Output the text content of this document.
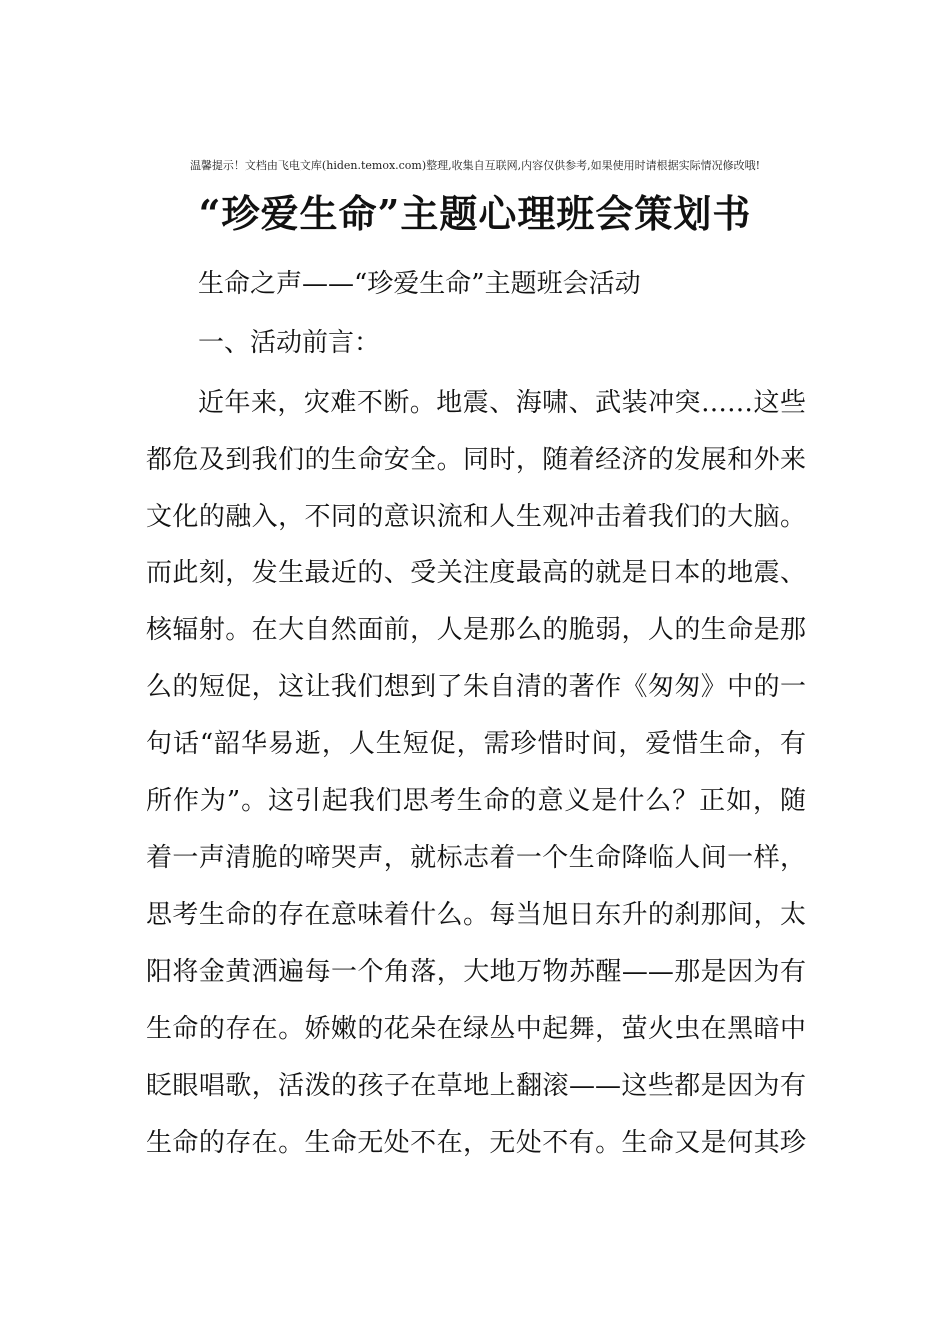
温馨提示！文档由飞电文库(hiden.temox.com)整理,收集自互联网,内容仅供参考,如果使用时请根据实际情况修改哦!
“珍爱生命”主题心理班会策划书
生命之声——“珍爱生命”主题班会活动
一、活动前言：
近年来，灾难不断。地震、海啸、武装冲突……这些
都危及到我们的生命安全。同时，随着经济的发展和外来
文化的融入，不同的意识流和人生观冲击着我们的大脑。
而此刻，发生最近的、受关注度最高的就是日本的地震、
核辐射。在大自然面前，人是那么的脆弱，人的生命是那
么的短促，这让我们想到了朱自清的著作《匆匆》中的一
句话“韶华易逝，人生短促，需珍惜时间，爱惜生命，有
所作为”。这引起我们思考生命的意义是什么？正如，随
着一声清脆的啼哭声，就标志着一个生命降临人间一样，
思考生命的存在意味着什么。每当旭日东升的刹那间，太
阳将金黄洒遍每一个角落，大地万物苏醒——那是因为有
生命的存在。娇嫩的花朵在绿丛中起舞，萤火虫在黑暗中
眨眼唱歌，活泼的孩子在草地上翻滚——这些都是因为有
生命的存在。生命无处不在，无处不有。生命又是何其珍
